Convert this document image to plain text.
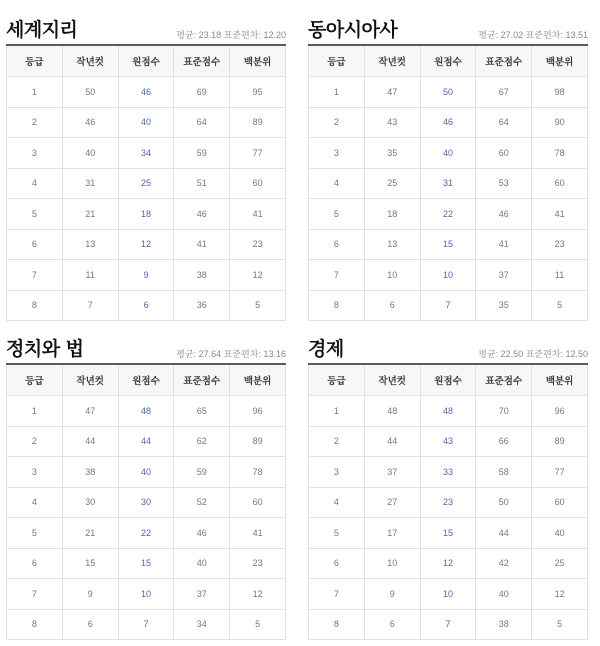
세계지리	평균: 23.18 표준편차: 12.20
등급	작년컷	원점수	표준점수	백분위
1	50	46	69	95
2	46	40	64	89
3	40	34	59	77
4	31	25	51	60
5	21	18	46	41
6	13	12	41	23
7	11	9	38	12
8	7	6	36	5
동아시아사	평균: 27.02 표준편차: 13.51
등급	작년컷	원점수	표준점수	백분위
1	47	50	67	98
2	43	46	64	90
3	35	40	60	78
4	25	31	53	60
5	18	22	46	41
6	13	15	41	23
7	10	10	37	11
8	6	7	35	5
정치와 법	평균: 27.64 표준편차: 13.16
등급	작년컷	원점수	표준점수	백분위
1	47	48	65	96
2	44	44	62	89
3	38	40	59	78
4	30	30	52	60
5	21	22	46	41
6	15	15	40	23
7	9	10	37	12
8	6	7	34	5
경제	평균: 22.50 표준편차: 12.50
등급	작년컷	원점수	표준점수	백분위
1	48	48	70	96
2	44	43	66	89
3	37	33	58	77
4	27	23	50	60
5	17	15	44	40
6	10	12	42	25
7	9	10	40	12
8	6	7	38	5
